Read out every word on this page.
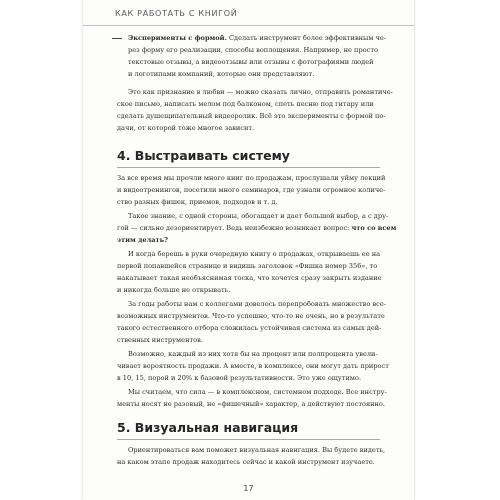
КАК РАБОТАТЬ С КНИГОЙ
Эксперименты с формой. Сделать инструмент более эффективным че-
рез форму его реализации, способы воплощения. Например, не просто
текстовые отзывы, а видеоотзывы или отзывы с фотографиями людей
и логотипами компаний, которые они представляют.
Это как признание в любви — можно сказать лично, отправить романтиче-
ское письмо, написать мелом под балконом, спеть песню под гитару или
сделать душещипательный видеоролик. Всё это эксперименты с формой по-
дачи, от которой тоже многое зависит.
4. Выстраивать систему
За все время мы прочли много книг по продажам, прослушали уйму лекций
и видеотренингов, посетили много семинаров, где узнали огромное количе-
ство разных фишек, приемов, подходов и т. д.
Такое знание, с одной стороны, обогащает и дает большой выбор, а с дру-
гой — сильно дезориентирует. Ведь неизбежно возникает вопрос: что со всем
этим делать?
И когда берешь в руки очередную книгу о продажах, открываешь ее на
первой попавшейся странице и видишь заголовок «Фишка номер 356», то
накатывает такая необъяснимая тоска, что хочется сразу закрыть издание
и никогда больше не открывать.
За годы работы нам с коллегами довелось перепробовать множество все-
возможных инструментов. Что-то успешно, что-то не очень, но в результате
такого естественного отбора сложилась устойчивая система из самых дей-
ственных инструментов.
Возможно, каждый из них хотя бы на процент или полпроцента увели-
чивает вероятность продажи. А вместе, в комплексе, они могут дать прирост
в 10, 15, порой и 20% к базовой результативности. Это уже ощутимо.
Мы считаем, что сила — в комплексном, системном подходе. Все инстру-
менты носят не разовый, не «фишечный» характер, а действуют постоянно.
5. Визуальная навигация
Ориентироваться вам поможет визуальная навигация. Вы будете видеть,
на каком этапе продаж находитесь сейчас и какой инструмент изучаете.
17
